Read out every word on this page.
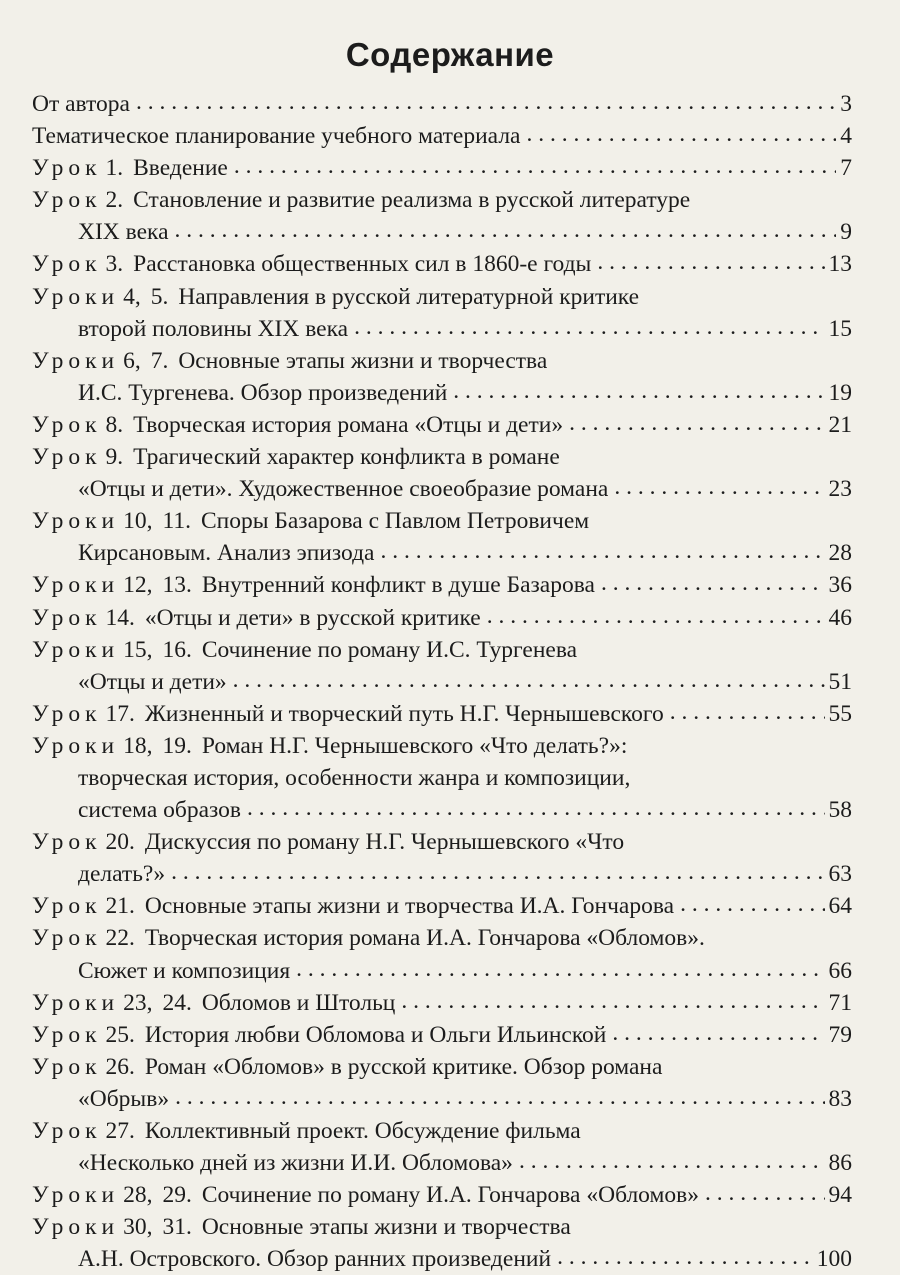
Содержание
От автора . . .	3
Тематическое планирование учебного материала . . .	4
Урок 1. Введение . . .	7
Урок 2. Становление и развитие реализма в русской литературе
XIX века . . .	9
Урок 3. Расстановка общественных сил в 1860-е годы . . .	13
Уроки 4, 5. Направления в русской литературной критике
второй половины XIX века . . .	15
Уроки 6, 7. Основные этапы жизни и творчества
И.С. Тургенева. Обзор произведений . . .	19
Урок 8. Творческая история романа «Отцы и дети» . . .	21
Урок 9. Трагический характер конфликта в романе
«Отцы и дети». Художественное своеобразие романа . . .	23
Уроки 10, 11. Споры Базарова с Павлом Петровичем
Кирсановым. Анализ эпизода . . .	28
Уроки 12, 13. Внутренний конфликт в душе Базарова . . .	36
Урок 14. «Отцы и дети» в русской критике . . .	46
Уроки 15, 16. Сочинение по роману И.С. Тургенева
«Отцы и дети» . . .	51
Урок 17. Жизненный и творческий путь Н.Г. Чернышевского . . .	55
Уроки 18, 19. Роман Н.Г. Чернышевского «Что делать?»:
творческая история, особенности жанра и композиции,
система образов . . .	58
Урок 20. Дискуссия по роману Н.Г. Чернышевского «Что
делать?» . . .	63
Урок 21. Основные этапы жизни и творчества И.А. Гончарова . . .	64
Урок 22. Творческая история романа И.А. Гончарова «Обломов».
Сюжет и композиция . . .	66
Уроки 23, 24. Обломов и Штольц . . .	71
Урок 25. История любви Обломова и Ольги Ильинской . . .	79
Урок 26. Роман «Обломов» в русской критике. Обзор романа
«Обрыв» . . .	83
Урок 27. Коллективный проект. Обсуждение фильма
«Несколько дней из жизни И.И. Обломова» . . .	86
Уроки 28, 29. Сочинение по роману И.А. Гончарова «Обломов» . . .	94
Уроки 30, 31. Основные этапы жизни и творчества
А.Н. Островского. Обзор ранних произведений . . .	100
